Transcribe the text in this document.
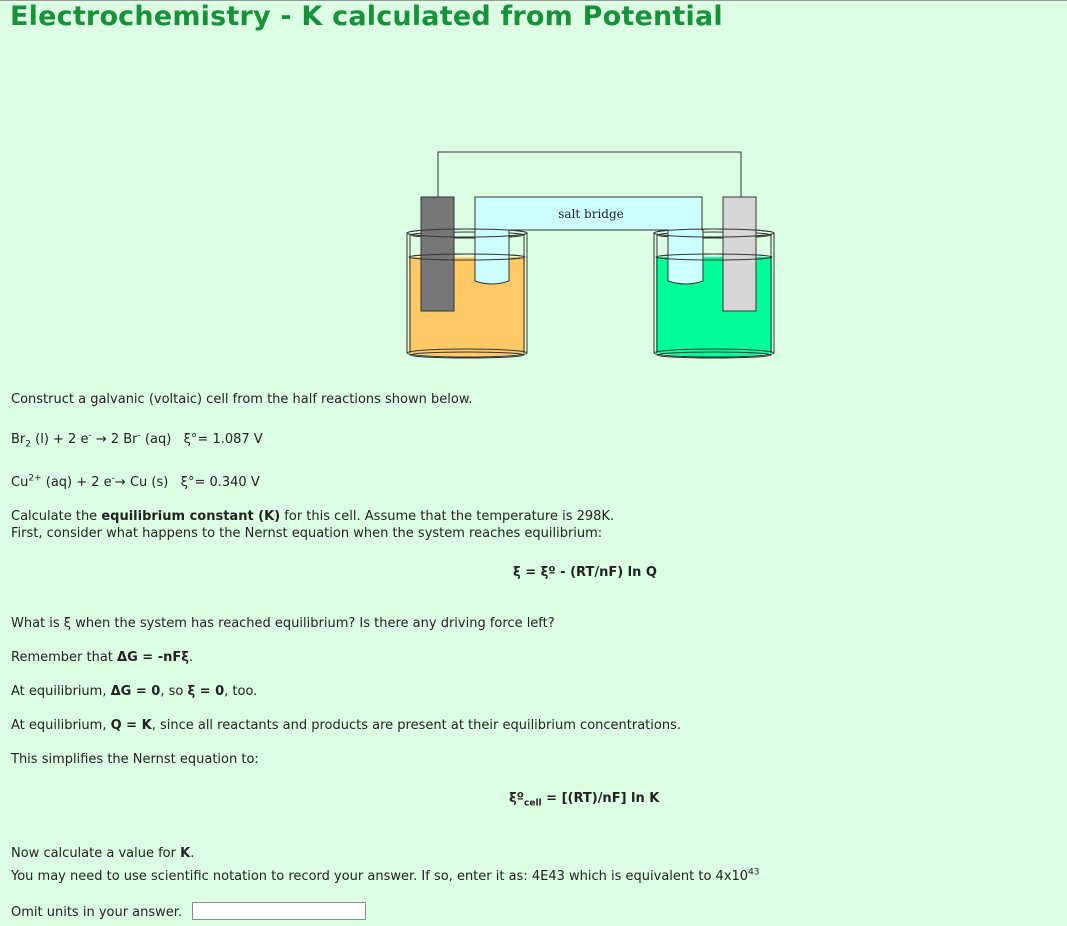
Electrochemistry - K calculated from Potential
salt bridge

Construct a galvanic (voltaic) cell from the half reactions shown below.

$Br_2$ (l) + 2 e- → 2 Br- (aq)   ξ°= 1.087 V

$Cu^{2+}$ (aq) + 2 e-→ Cu (s)   ξ°= 0.340 V

Calculate the equilibrium constant (K) for this cell. Assume that the temperature is 298K.

First, consider what happens to the Nernst equation when the system reaches equilibrium:

ξ = ξº - (RT/nF) ln Q

What is ξ when the system has reached equilibrium? Is there any driving force left?

Remember that ΔG = -nFξ.

At equilibrium, ΔG = 0, so ξ = 0, too.

At equilibrium, Q = K, since all reactants and products are present at their equilibrium concentrations.

This simplifies the Nernst equation to:

ξº$_{cell}$ = [(RT)/nF] ln K

Now calculate a value for K.

You may need to use scientific notation to record your answer. If so, enter it as: 4E43 which is equivalent to $4x10^{43}$

Omit units in your answer.
